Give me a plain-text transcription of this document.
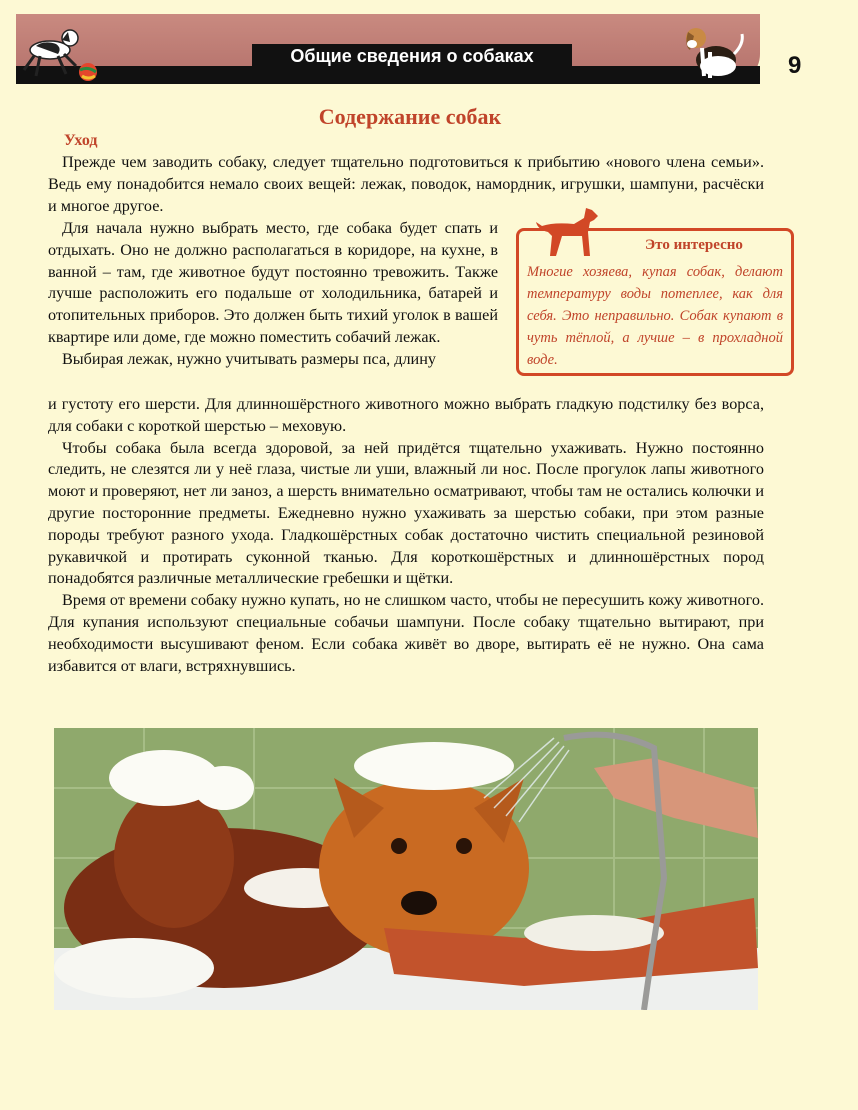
Общие сведения о собаках	9
Содержание собак
Уход

Прежде чем заводить собаку, следует тщательно подготовиться к прибытию «нового члена семьи». Ведь ему понадобится немало своих вещей: лежак, поводок, намордник, игрушки, шампуни, расчёски и многое другое.

Для начала нужно выбрать место, где собака будет спать и отдыхать. Оно не должно располагаться в коридоре, на кухне, в ванной – там, где животное будут постоянно тревожить. Также лучше расположить его подальше от холодильника, батарей и отопительных приборов. Это должен быть тихий уголок в вашей квартире или доме, где можно поместить собачий лежак.

Выбирая лежак, нужно учитывать размеры пса, длину

и густоту его шерсти. Для длинношёрстного животного можно выбрать гладкую подстилку без ворса, для собаки с короткой шерстью – меховую.

Чтобы собака была всегда здоровой, за ней придётся тщательно ухаживать. Нужно постоянно следить, не слезятся ли у неё глаза, чистые ли уши, влажный ли нос. После прогулок лапы животного моют и проверяют, нет ли заноз, а шерсть внимательно осматривают, чтобы там не остались колючки и другие посторонние предметы. Ежедневно нужно ухаживать за шерстью собаки, при этом разные породы требуют разного ухода. Гладкошёрстных собак достаточно чистить специальной резиновой рукавичкой и протирать суконной тканью. Для короткошёрстных и длинношёрстных пород понадобятся различные металлические гребешки и щётки.

Время от времени собаку нужно купать, но не слишком часто, чтобы не пересушить кожу животного. Для купания используют специальные собачьи шампуни. После собаку тщательно вытирают, при необходимости высушивают феном. Если собака живёт во дворе, вытирать её не нужно. Она сама избавится от влаги, встряхнувшись.

Это интересно
Многие хозяева, купая собак, делают температуру воды потеплее, как для себя. Это неправильно. Собак купают в чуть тёплой, а лучше – в прохладной воде.
